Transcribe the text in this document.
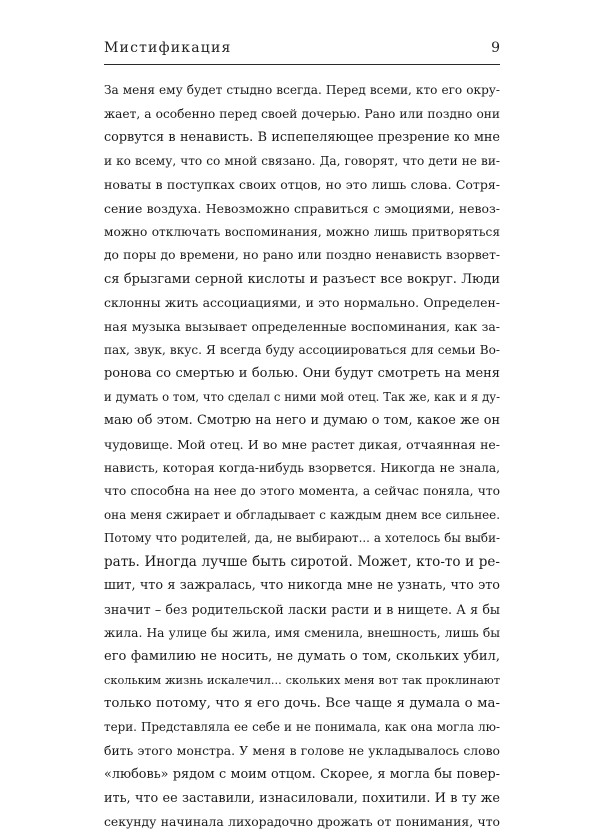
Мистификация	9
За меня ему будет стыдно всегда. Перед всеми, кто его окру-
жает, а особенно перед своей дочерью. Рано или поздно они
сорвутся в ненависть. В испепеляющее презрение ко мне
и ко всему, что со мной связано. Да, говорят, что дети не ви-
новаты в поступках своих отцов, но это лишь слова. Сотря-
сение воздуха. Невозможно справиться с эмоциями, невоз-
можно отключать воспоминания, можно лишь притворяться
до поры до времени, но рано или поздно ненависть взорвет-
ся брызгами серной кислоты и разъест все вокруг. Люди
склонны жить ассоциациями, и это нормально. Определен-
ная музыка вызывает определенные воспоминания, как за-
пах, звук, вкус. Я всегда буду ассоциироваться для семьи Во-
ронова со смертью и болью. Они будут смотреть на меня
и думать о том, что сделал с ними мой отец. Так же, как и я ду-
маю об этом. Смотрю на него и думаю о том, какое же он
чудовище. Мой отец. И во мне растет дикая, отчаянная не-
нависть, которая когда-нибудь взорвется. Никогда не знала,
что способна на нее до этого момента, а сейчас поняла, что
она меня сжирает и обгладывает с каждым днем все сильнее.
Потому что родителей, да, не выбирают... а хотелось бы выби-
рать. Иногда лучше быть сиротой. Может, кто-то и ре-
шит, что я зажралась, что никогда мне не узнать, что это
значит – без родительской ласки расти и в нищете. А я бы
жила. На улице бы жила, имя сменила, внешность, лишь бы
его фамилию не носить, не думать о том, скольких убил,
скольким жизнь искалечил... скольких меня вот так проклинают
только потому, что я его дочь. Все чаще я думала о ма-
тери. Представляла ее себе и не понимала, как она могла лю-
бить этого монстра. У меня в голове не укладывалось слово
«любовь» рядом с моим отцом. Скорее, я могла бы повер-
ить, что ее заставили, изнасиловали, похитили. И в ту же
секунду начинала лихорадочно дрожать от понимания, что
